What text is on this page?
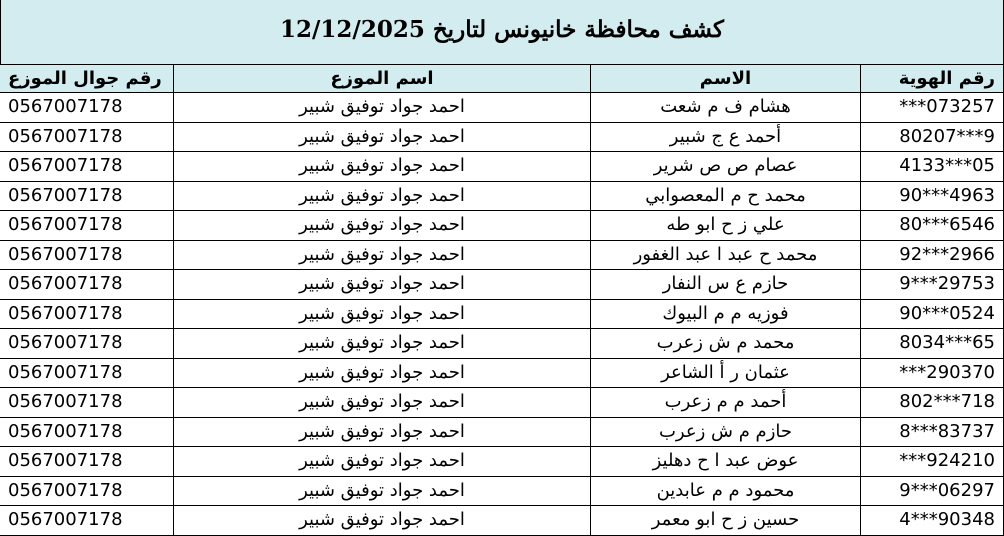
كشف محافظة خانيونس لتاريخ 12/12/2025
رقم الهوية	الاسم	اسم الموزع	رقم جوال الموزع
***073257	هشام ف م شعت	احمد جواد توفيق شبير	0567007178
80207***9	أحمد ع ج شبير	احمد جواد توفيق شبير	0567007178
4133***05	عصام ص ص شرير	احمد جواد توفيق شبير	0567007178
90***4963	محمد ح م المعصوابي	احمد جواد توفيق شبير	0567007178
80***6546	علي ز ح ابو طه	احمد جواد توفيق شبير	0567007178
92***2966	محمد ح عبد ا عبد الغفور	احمد جواد توفيق شبير	0567007178
9***29753	حازم ع س النفار	احمد جواد توفيق شبير	0567007178
90***0524	فوزيه م م البيوك	احمد جواد توفيق شبير	0567007178
8034***65	محمد م ش زعرب	احمد جواد توفيق شبير	0567007178
***290370	عثمان ر أ الشاعر	احمد جواد توفيق شبير	0567007178
802***718	أحمد م م زعرب	احمد جواد توفيق شبير	0567007178
8***83737	حازم م ش زعرب	احمد جواد توفيق شبير	0567007178
***924210	عوض عبد ا ح دهليز	احمد جواد توفيق شبير	0567007178
9***06297	محمود م م عابدين	احمد جواد توفيق شبير	0567007178
4***90348	حسين ز ح ابو معمر	احمد جواد توفيق شبير	0567007178
